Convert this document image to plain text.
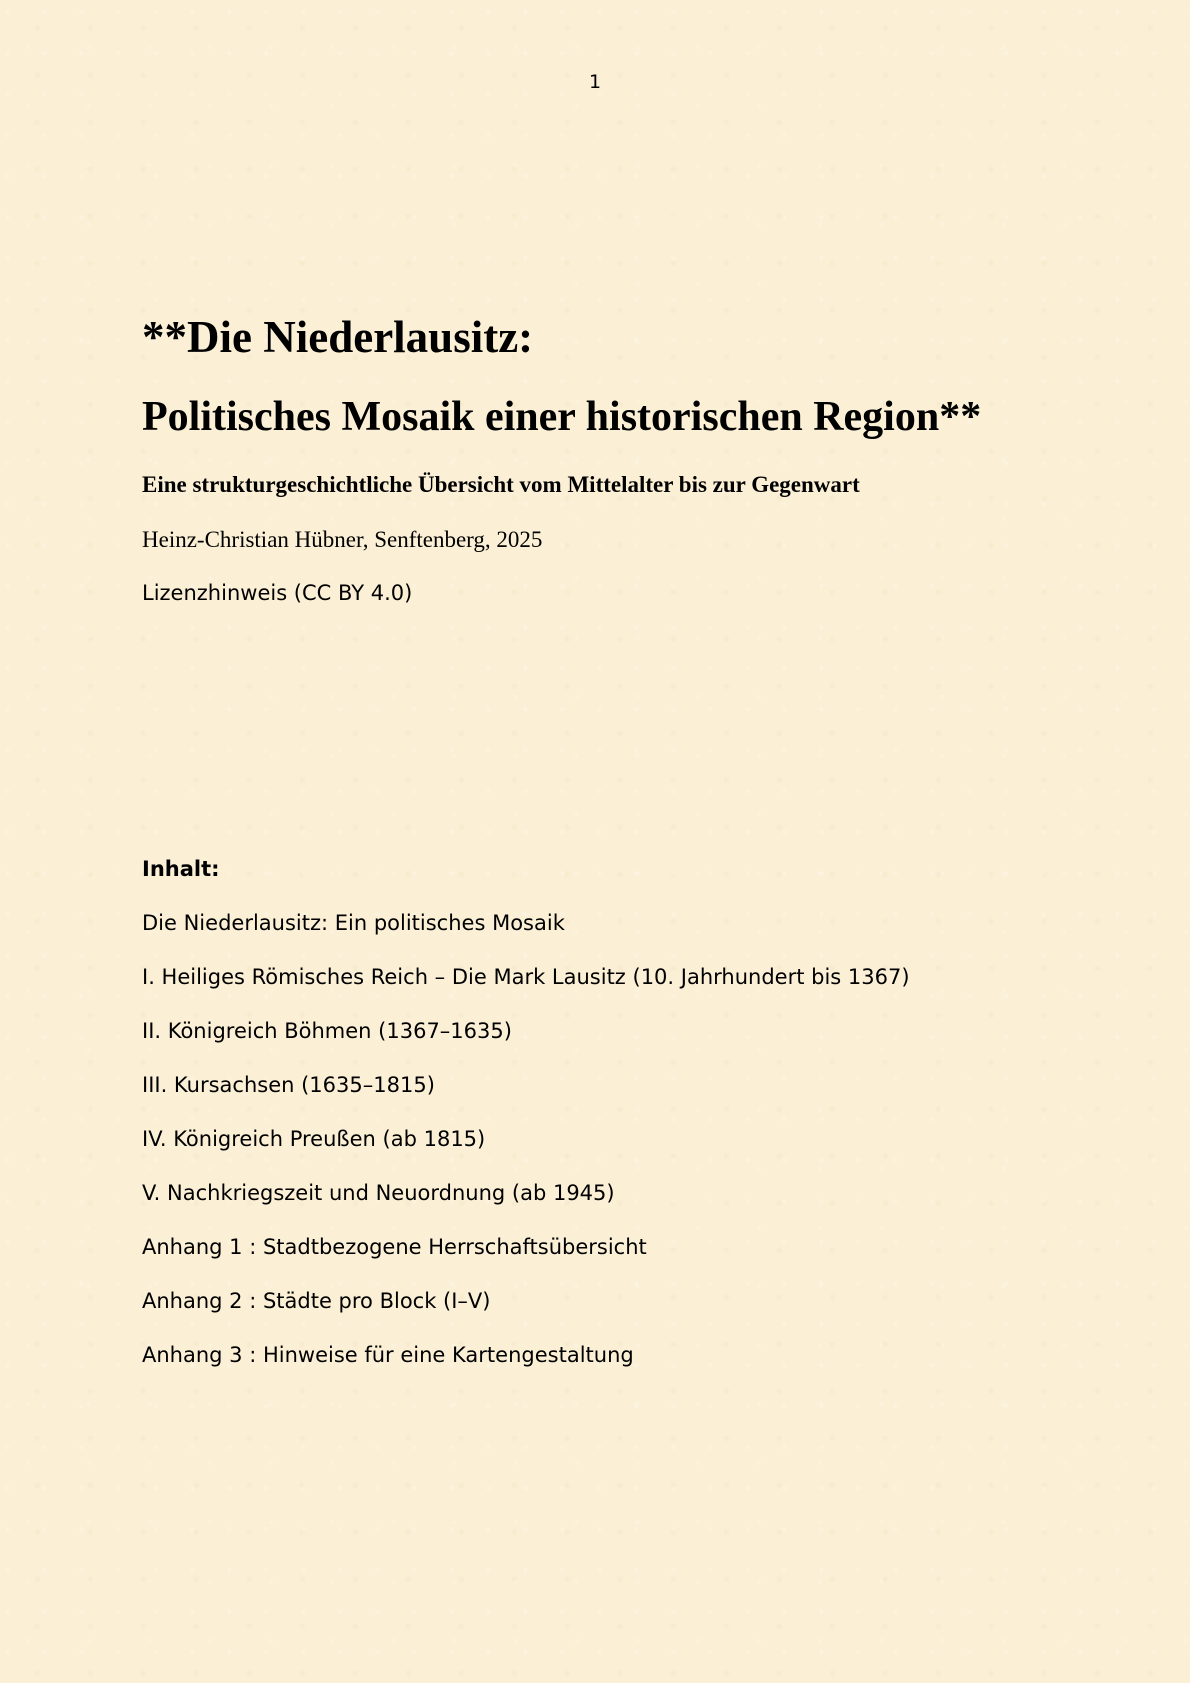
1
**Die Niederlausitz:
Politisches Mosaik einer historischen Region**
Eine strukturgeschichtliche Übersicht vom Mittelalter bis zur Gegenwart
Heinz-Christian Hübner, Senftenberg, 2025
Lizenzhinweis (CC BY 4.0)
Inhalt:
Die Niederlausitz: Ein politisches Mosaik
I. Heiliges Römisches Reich – Die Mark Lausitz (10. Jahrhundert bis 1367)
II. Königreich Böhmen (1367–1635)
III. Kursachsen (1635–1815)
IV. Königreich Preußen (ab 1815)
V. Nachkriegszeit und Neuordnung (ab 1945)
Anhang 1 : Stadtbezogene Herrschaftsübersicht
Anhang 2 : Städte pro Block (I–V)
Anhang 3 : Hinweise für eine Kartengestaltung
